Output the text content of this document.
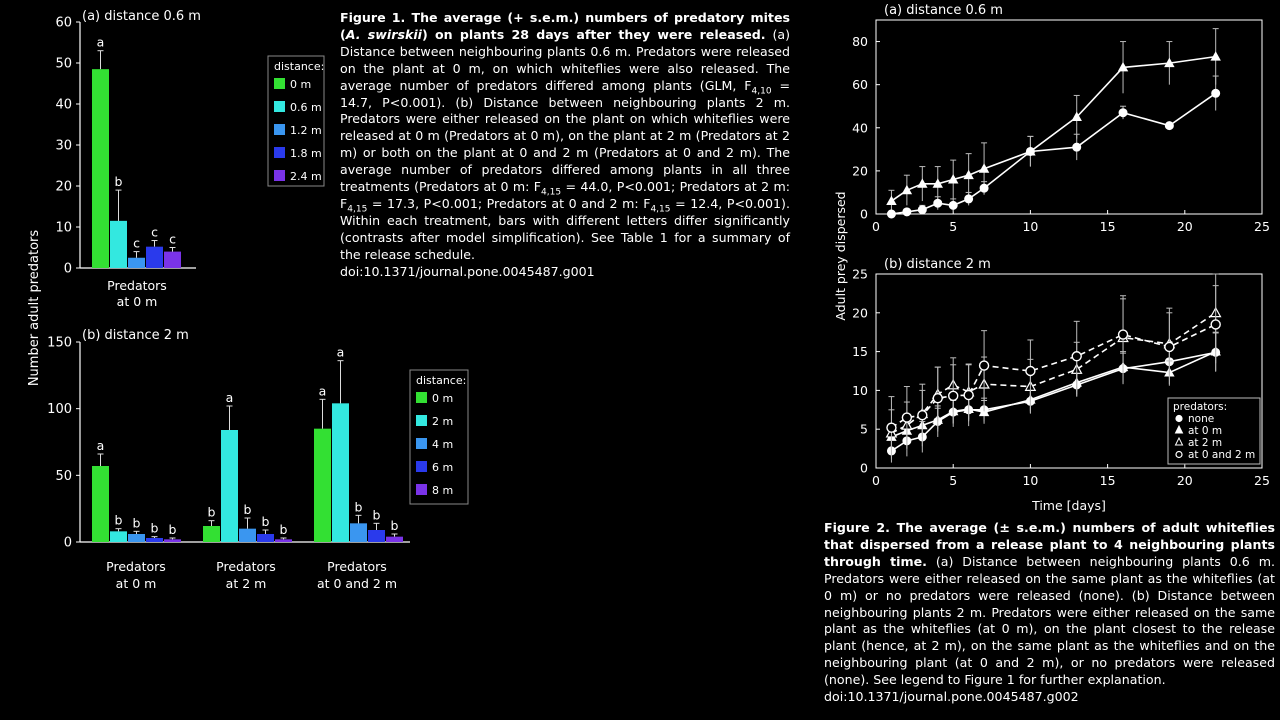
(a) distance 0.6 m
0
10
20
30
40
50
60
a
b
c
c c
Predators
at 0 m
Number adult predators
distance:
0 m
0.6 m
1.2 m
1.8 m
2.4 m
(b) distance 2 m
0
50
100
150
a
b b b b
b
a
b
b
b
a
a
b
b
b
Predators
at 0 m
Predators
at 2 m
Predators
at 0 and 2 m
distance:
0 m
2 m
4 m
6 m
8 m
(a) distance 0.6 m
0	5	10	15	20	25
0
20
40
60
80
(b) distance 2 m
0	5	10	15	20	25
0
5
10
15
20
25
Time [days]
Adult prey dispersed
predators:
none
at 0 m
at 2 m
at 0 and 2 m
Figure 1. The average (+ s.e.m.) numbers of predatory mites (A. swirskii) on plants 28 days after they were released. (a) Distance between neighbouring plants 0.6 m. Predators were released on the plant at 0 m, on which whiteflies were also released. The average number of predators differed among plants (GLM, $F_{4,10} = 14.7$, P<0.001). (b) Distance between neighbouring plants 2 m. Predators were either released on the plant on which whiteflies were released at 0 m (Predators at 0 m), on the plant at 2 m (Predators at 2 m) or both on the plant at 0 and 2 m (Predators at 0 and 2 m). The average number of predators differed among plants in all three treatments (Predators at 0 m: $F_{4,15} = 44.0$, P<0.001; Predators at 2 m: $F_{4,15} = 17.3$, P<0.001; Predators at 0 and 2 m: $F_{4,15} = 12.4$, P<0.001). Within each treatment, bars with different letters differ significantly (contrasts after model simplification). See Table 1 for a summary of the release schedule.
doi:10.1371/journal.pone.0045487.g001
Figure 2. The average (± s.e.m.) numbers of adult whiteflies that dispersed from a release plant to 4 neighbouring plants through time. (a) Distance between neighbouring plants 0.6 m. Predators were either released on the same plant as the whiteflies (at 0 m) or no predators were released (none). (b) Distance between neighbouring plants 2 m. Predators were either released on the same plant as the whiteflies (at 0 m), on the plant closest to the release plant (hence, at 2 m), on the same plant as the whiteflies and on the neighbouring plant (at 0 and 2 m), or no predators were released (none). See legend to Figure 1 for further explanation.
doi:10.1371/journal.pone.0045487.g002
